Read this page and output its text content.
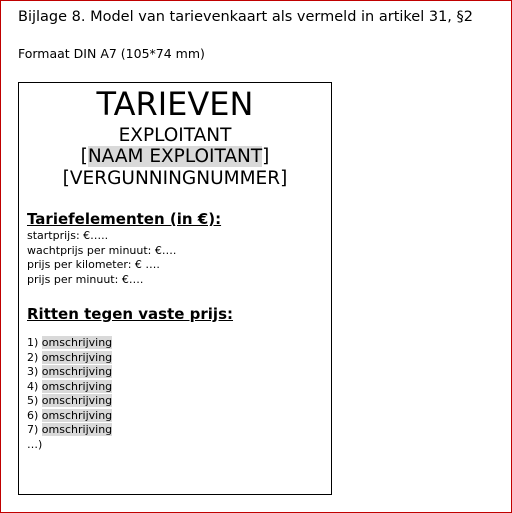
Bijlage 8. Model van tarievenkaart als vermeld in artikel 31, §2
Formaat DIN A7 (105*74 mm)
TARIEVEN
EXPLOITANT
[NAAM EXPLOITANT]
[VERGUNNINGNUMMER]
Tariefelementen (in €):
startprijs: €…..
wachtprijs per minuut: €….
prijs per kilometer: € ….
prijs per minuut: €….
Ritten tegen vaste prijs:
1) omschrijving
2) omschrijving
3) omschrijving
4) omschrijving
5) omschrijving
6) omschrijving
7) omschrijving
…)
